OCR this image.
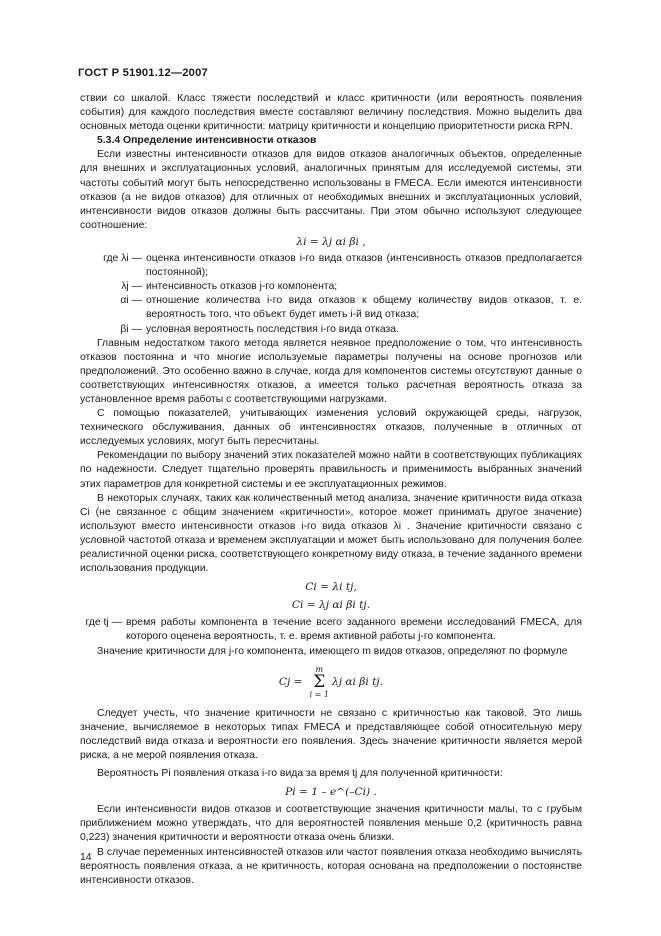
ГОСТ Р 51901.12—2007

ствии со шкалой. Класс тяжести последствий и класс критичности (или вероятность появления события) для каждого последствия вместе составляют величину последствия. Можно выделить два основных метода оценки критичности: матрицу критичности и концепцию приоритетности риска RPN.

5.3.4 Определение интенсивности отказов

Если известны интенсивности отказов для видов отказов аналогичных объектов, определенные для внешних и эксплуатационных условий, аналогичных принятым для исследуемой системы, эти частоты событий могут быть непосредственно использованы в FMECA. Если имеются интенсивности отказов (а не видов отказов) для отличных от необходимых внешних и эксплуатационных условий, интенсивности видов отказов должны быть рассчитаны. При этом обычно используют следующее соотношение:

λi = λj αi βi ,
где λi — оценка интенсивности отказов i-го вида отказов (интенсивность отказов предполагается постоянной);
λj — интенсивность отказов j-го компонента;
αi — отношение количества i-го вида отказов к общему количеству видов отказов, т. е. вероятность того, что объект будет иметь i-й вид отказа;
βi — условная вероятность последствия i-го вида отказа.

Главным недостатком такого метода является неявное предположение о том, что интенсивность отказов постоянна и что многие используемые параметры получены на основе прогнозов или предположений. Это особенно важно в случае, когда для компонентов системы отсутствуют данные о соответствующих интенсивностях отказов, а имеется только расчетная вероятность отказа за установленное время работы с соответствующими нагрузками.

С помощью показателей, учитывающих изменения условий окружающей среды, нагрузок, технического обслуживания, данных об интенсивностях отказов, полученные в отличных от исследуемых условиях, могут быть пересчитаны.

Рекомендации по выбору значений этих показателей можно найти в соответствующих публикациях по надежности. Следует тщательно проверять правильность и применимость выбранных значений этих параметров для конкретной системы и ее эксплуатационных режимов.

В некоторых случаях, таких как количественный метод анализа, значение критичности вида отказа Ci (не связанное с общим значением «критичности», которое может принимать другое значение) используют вместо интенсивности отказов i-го вида отказов λi . Значение критичности связано с условной частотой отказа и временем эксплуатации и может быть использовано для получения более реалистичной оценки риска, соответствующего конкретному виду отказа, в течение заданного времени использования продукции.

Ci = λi tj,
Ci = λj αi βi tj.
где tj — время работы компонента в течение всего заданного времени исследований FMECA, для которого оценена вероятность, т. е. время активной работы j-го компонента.

Значение критичности для j-го компонента, имеющего m видов отказов, определяют по формуле

Cj =
m
Σ
i = 1
λj αi βi tj.

Следует учесть, что значение критичности не связано с критичностью как таковой. Это лишь значение, вычисляемое в некоторых типах FMECA и представляющее собой относительную меру последствий вида отказа и вероятности его появления. Здесь значение критичности является мерой риска, а не мерой появления отказа.

Вероятность Pi появления отказа i-го вида за время tj для полученной критичности:

Pi = 1 – e^(–Ci) .

Если интенсивности видов отказов и соответствующие значения критичности малы, то с грубым приближением можно утверждать, что для вероятностей появления меньше 0,2 (критичность равна 0,223) значения критичности и вероятности отказа очень близки.

В случае переменных интенсивностей отказов или частот появления отказа необходимо вычислять вероятность появления отказа, а не критичность, которая основана на предположении о постоянстве интенсивности отказов.

14
